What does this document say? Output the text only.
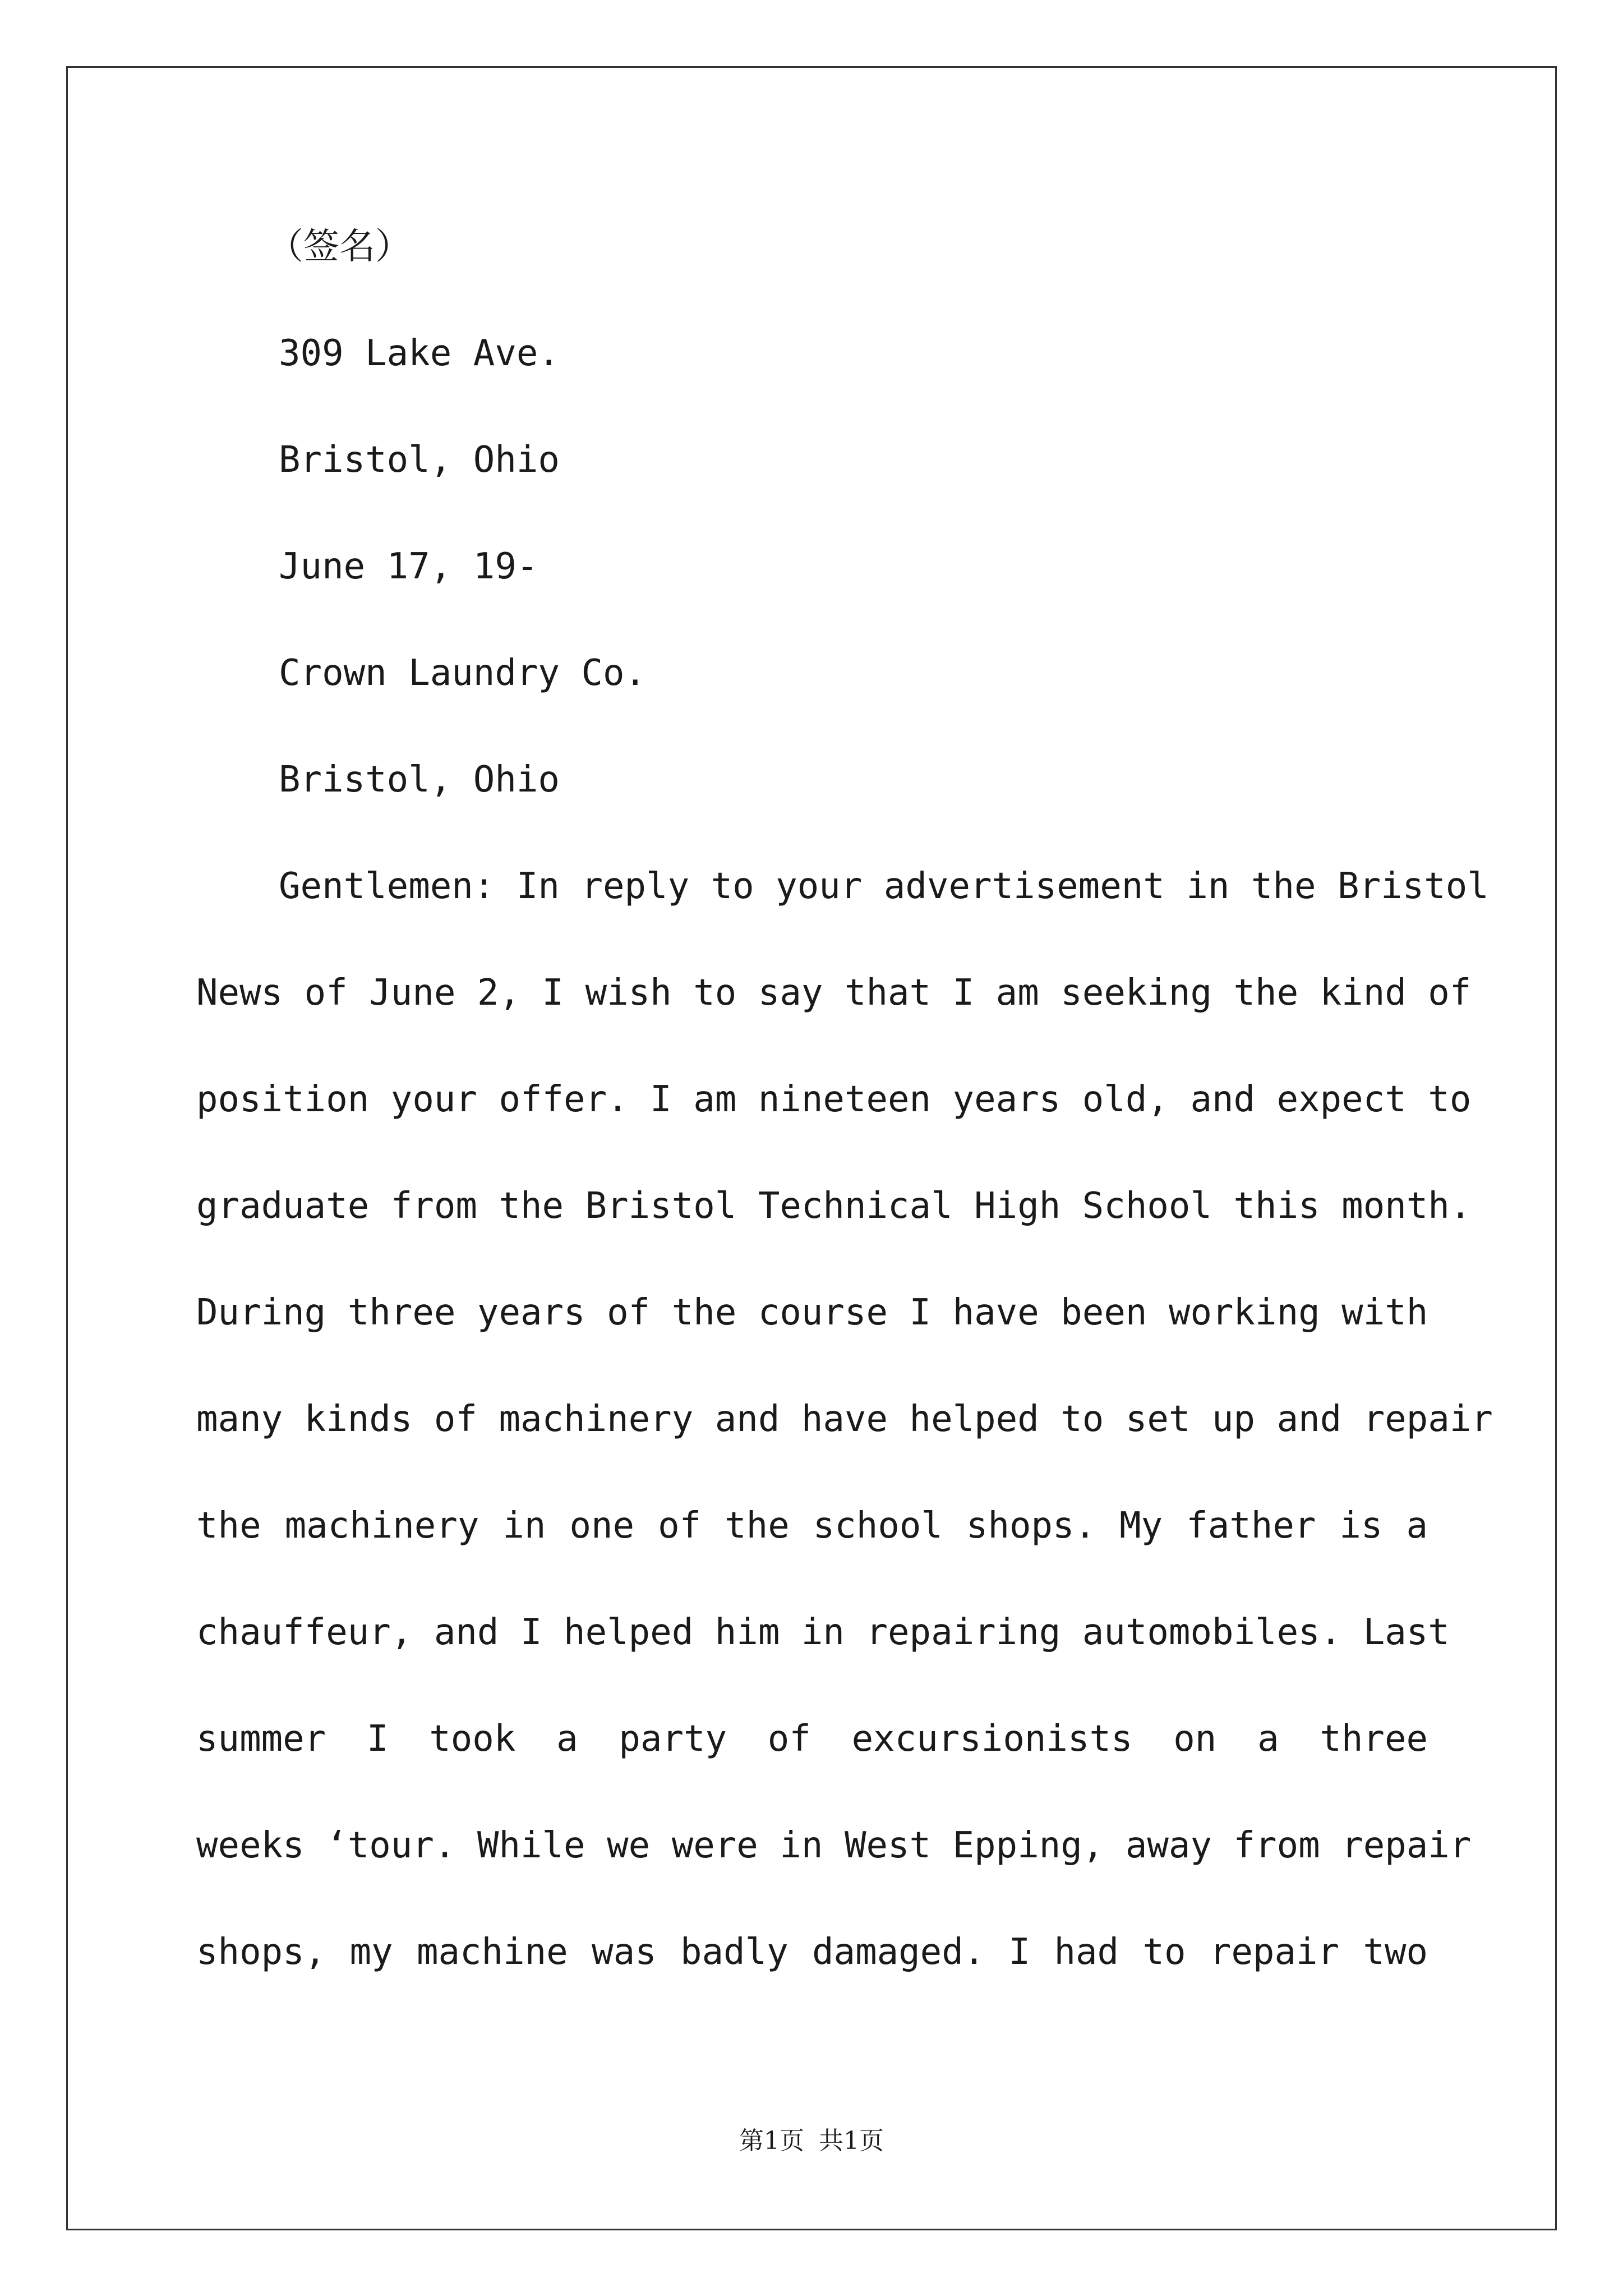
（签名）
309 Lake Ave.
Bristol, Ohio
June 17, 19-
Crown Laundry Co.
Bristol, Ohio
Gentlemen: In reply to your advertisement in the Bristol
News of June 2, I wish to say that I am seeking the kind of
position your offer. I am nineteen years old, and expect to
graduate from the Bristol Technical High School this month.
During three years of the course I have been working with
many kinds of machinery and have helped to set up and repair
the machinery in one of the school shops. My father is a
chauffeur, and I helped him in repairing automobiles. Last
summer I took a party of excursionists on a three
weeks ‘tour. While we were in West Epping, away from repair
shops, my machine was badly damaged. I had to repair two
第1页 共1页
